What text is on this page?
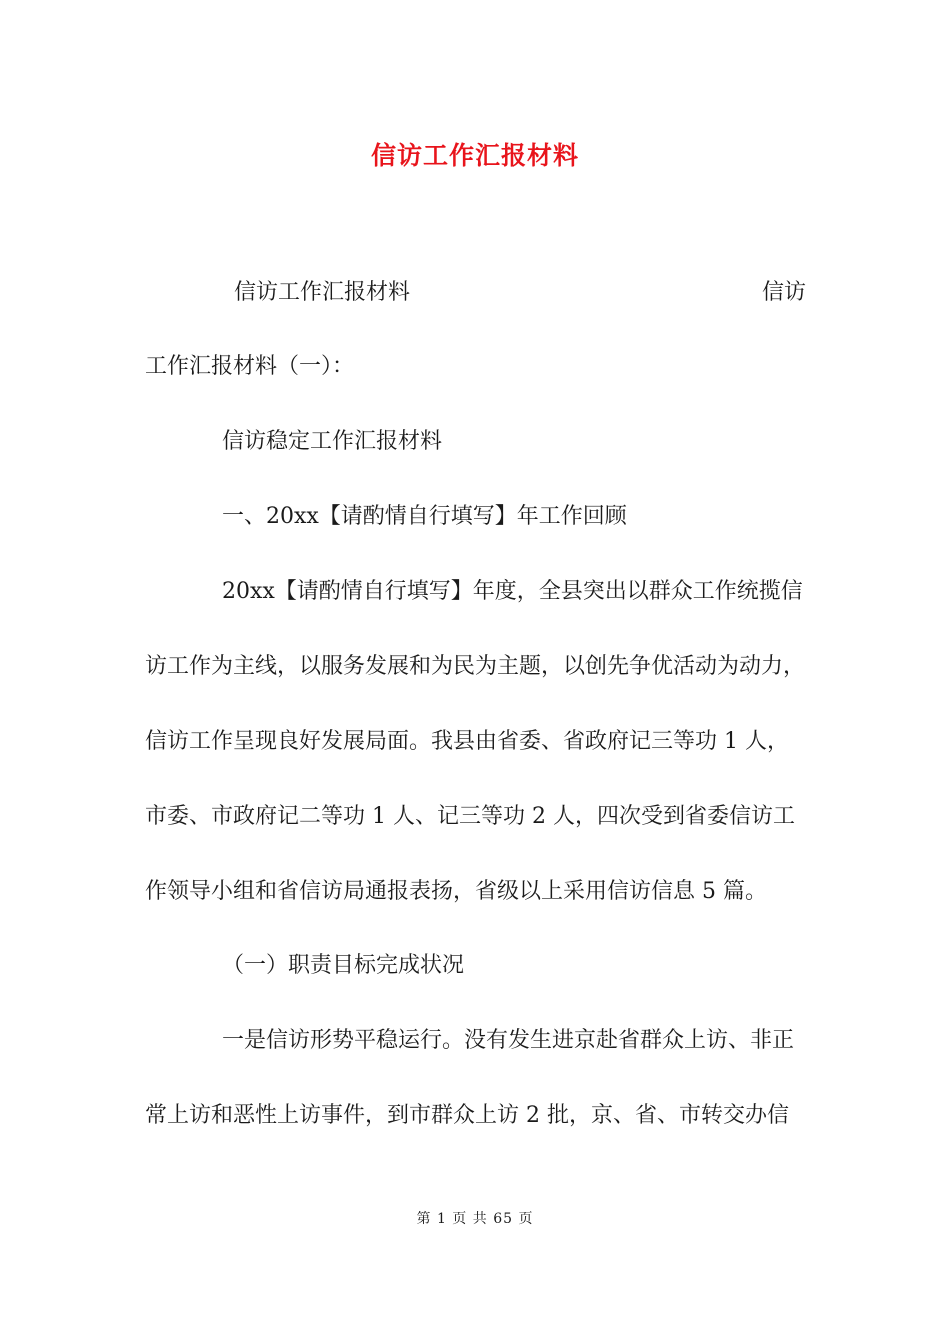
信访工作汇报材料
信访工作汇报材料	信访
工作汇报材料（一）：
信访稳定工作汇报材料
一、20xx【请酌情自行填写】年工作回顾
20xx【请酌情自行填写】年度，全县突出以群众工作统揽信
访工作为主线，以服务发展和为民为主题，以创先争优活动为动力，
信访工作呈现良好发展局面。我县由省委、省政府记三等功 1 人，
市委、市政府记二等功 1 人、记三等功 2 人，四次受到省委信访工
作领导小组和省信访局通报表扬，省级以上采用信访信息 5 篇。
（一）职责目标完成状况
一是信访形势平稳运行。没有发生进京赴省群众上访、非正
常上访和恶性上访事件，到市群众上访 2 批，京、省、市转交办信
第 1 页 共 65 页
